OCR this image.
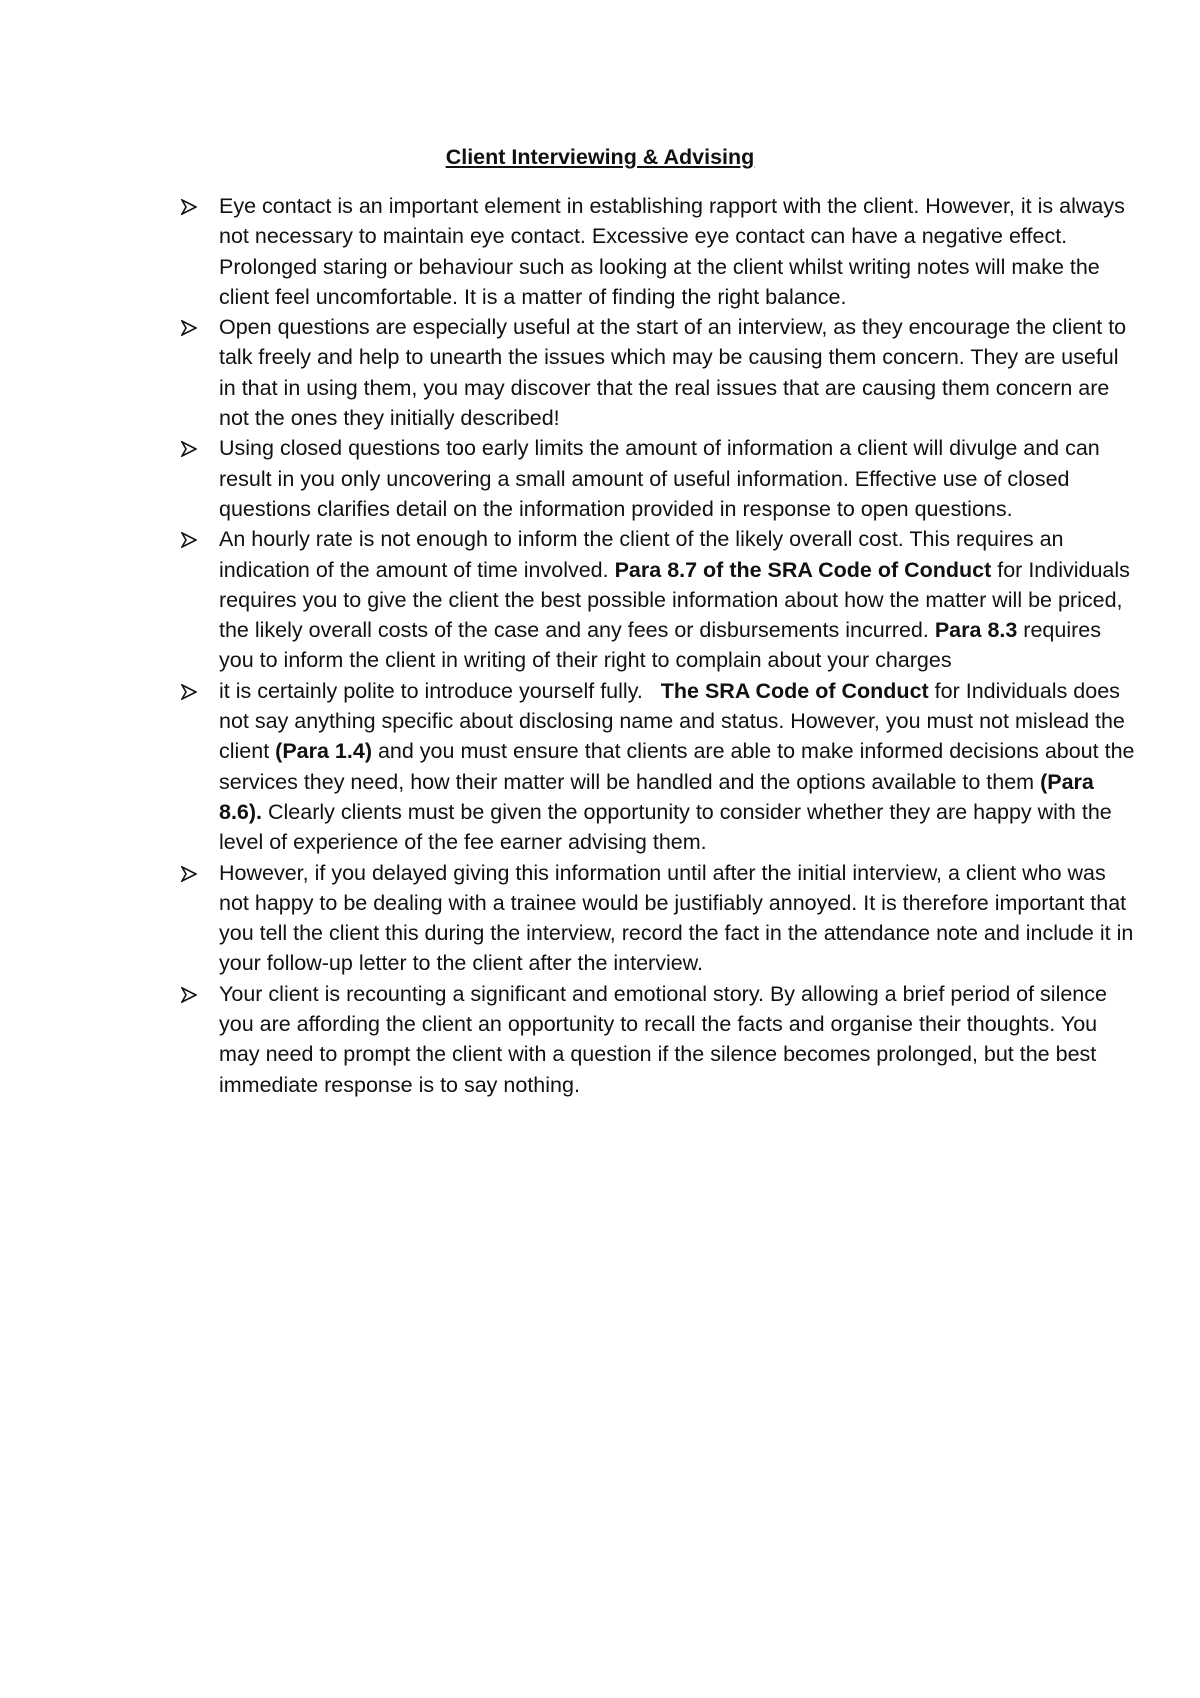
Client Interviewing & Advising
Eye contact is an important element in establishing rapport with the client. However, it is always not necessary to maintain eye contact. Excessive eye contact can have a negative effect. Prolonged staring or behaviour such as looking at the client whilst writing notes will make the client feel uncomfortable. It is a matter of finding the right balance.
Open questions are especially useful at the start of an interview, as they encourage the client to talk freely and help to unearth the issues which may be causing them concern. They are useful in that in using them, you may discover that the real issues that are causing them concern are not the ones they initially described!
Using closed questions too early limits the amount of information a client will divulge and can result in you only uncovering a small amount of useful information. Effective use of closed questions clarifies detail on the information provided in response to open questions.
An hourly rate is not enough to inform the client of the likely overall cost. This requires an indication of the amount of time involved. Para 8.7 of the SRA Code of Conduct for Individuals requires you to give the client the best possible information about how the matter will be priced, the likely overall costs of the case and any fees or disbursements incurred. Para 8.3 requires you to inform the client in writing of their right to complain about your charges
it is certainly polite to introduce yourself fully.   The SRA Code of Conduct for Individuals does not say anything specific about disclosing name and status. However, you must not mislead the client (Para 1.4) and you must ensure that clients are able to make informed decisions about the services they need, how their matter will be handled and the options available to them (Para 8.6). Clearly clients must be given the opportunity to consider whether they are happy with the level of experience of the fee earner advising them.
However, if you delayed giving this information until after the initial interview, a client who was not happy to be dealing with a trainee would be justifiably annoyed. It is therefore important that you tell the client this during the interview, record the fact in the attendance note and include it in your follow-up letter to the client after the interview.
Your client is recounting a significant and emotional story. By allowing a brief period of silence you are affording the client an opportunity to recall the facts and organise their thoughts. You may need to prompt the client with a question if the silence becomes prolonged, but the best immediate response is to say nothing.
